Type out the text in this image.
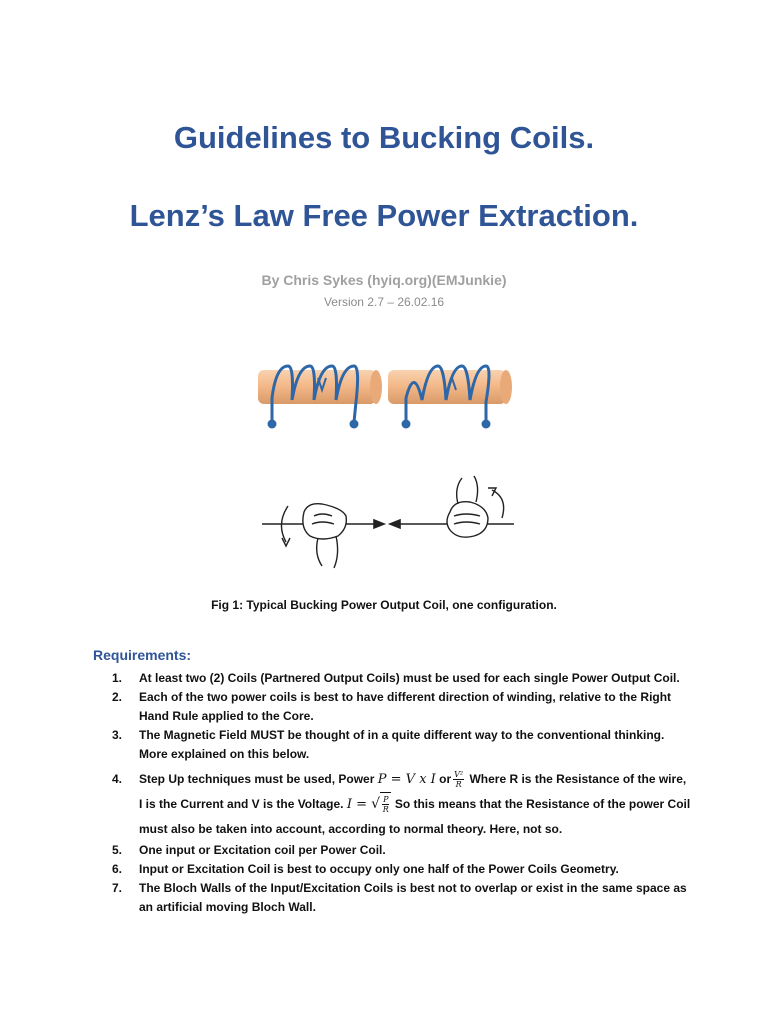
Guidelines to Bucking Coils.
Lenz’s Law Free Power Extraction.
By Chris Sykes (hyiq.org)(EMJunkie)
Version 2.7 – 26.02.16
Fig 1: Typical Bucking Power Output Coil, one configuration.
Requirements:
1. At least two (2) Coils (Partnered Output Coils) must be used for each single Power Output Coil.
2. Each of the two power coils is best to have different direction of winding, relative to the Right Hand Rule applied to the Core.
3. The Magnetic Field MUST be thought of in a quite different way to the conventional thinking. More explained on this below.
4. Step Up techniques must be used, Power P = V x I or $\frac{\text{V²}}{R}$ Where R is the Resistance of the wire, I is the Current and V is the Voltage. I = √ $\frac{P}{R}$ So this means that the Resistance of the power Coil must also be taken into account, according to normal theory. Here, not so.
5. One input or Excitation coil per Power Coil.
6. Input or Excitation Coil is best to occupy only one half of the Power Coils Geometry.
7. The Bloch Walls of the Input/Excitation Coils is best not to overlap or exist in the same space as an artificial moving Bloch Wall.
